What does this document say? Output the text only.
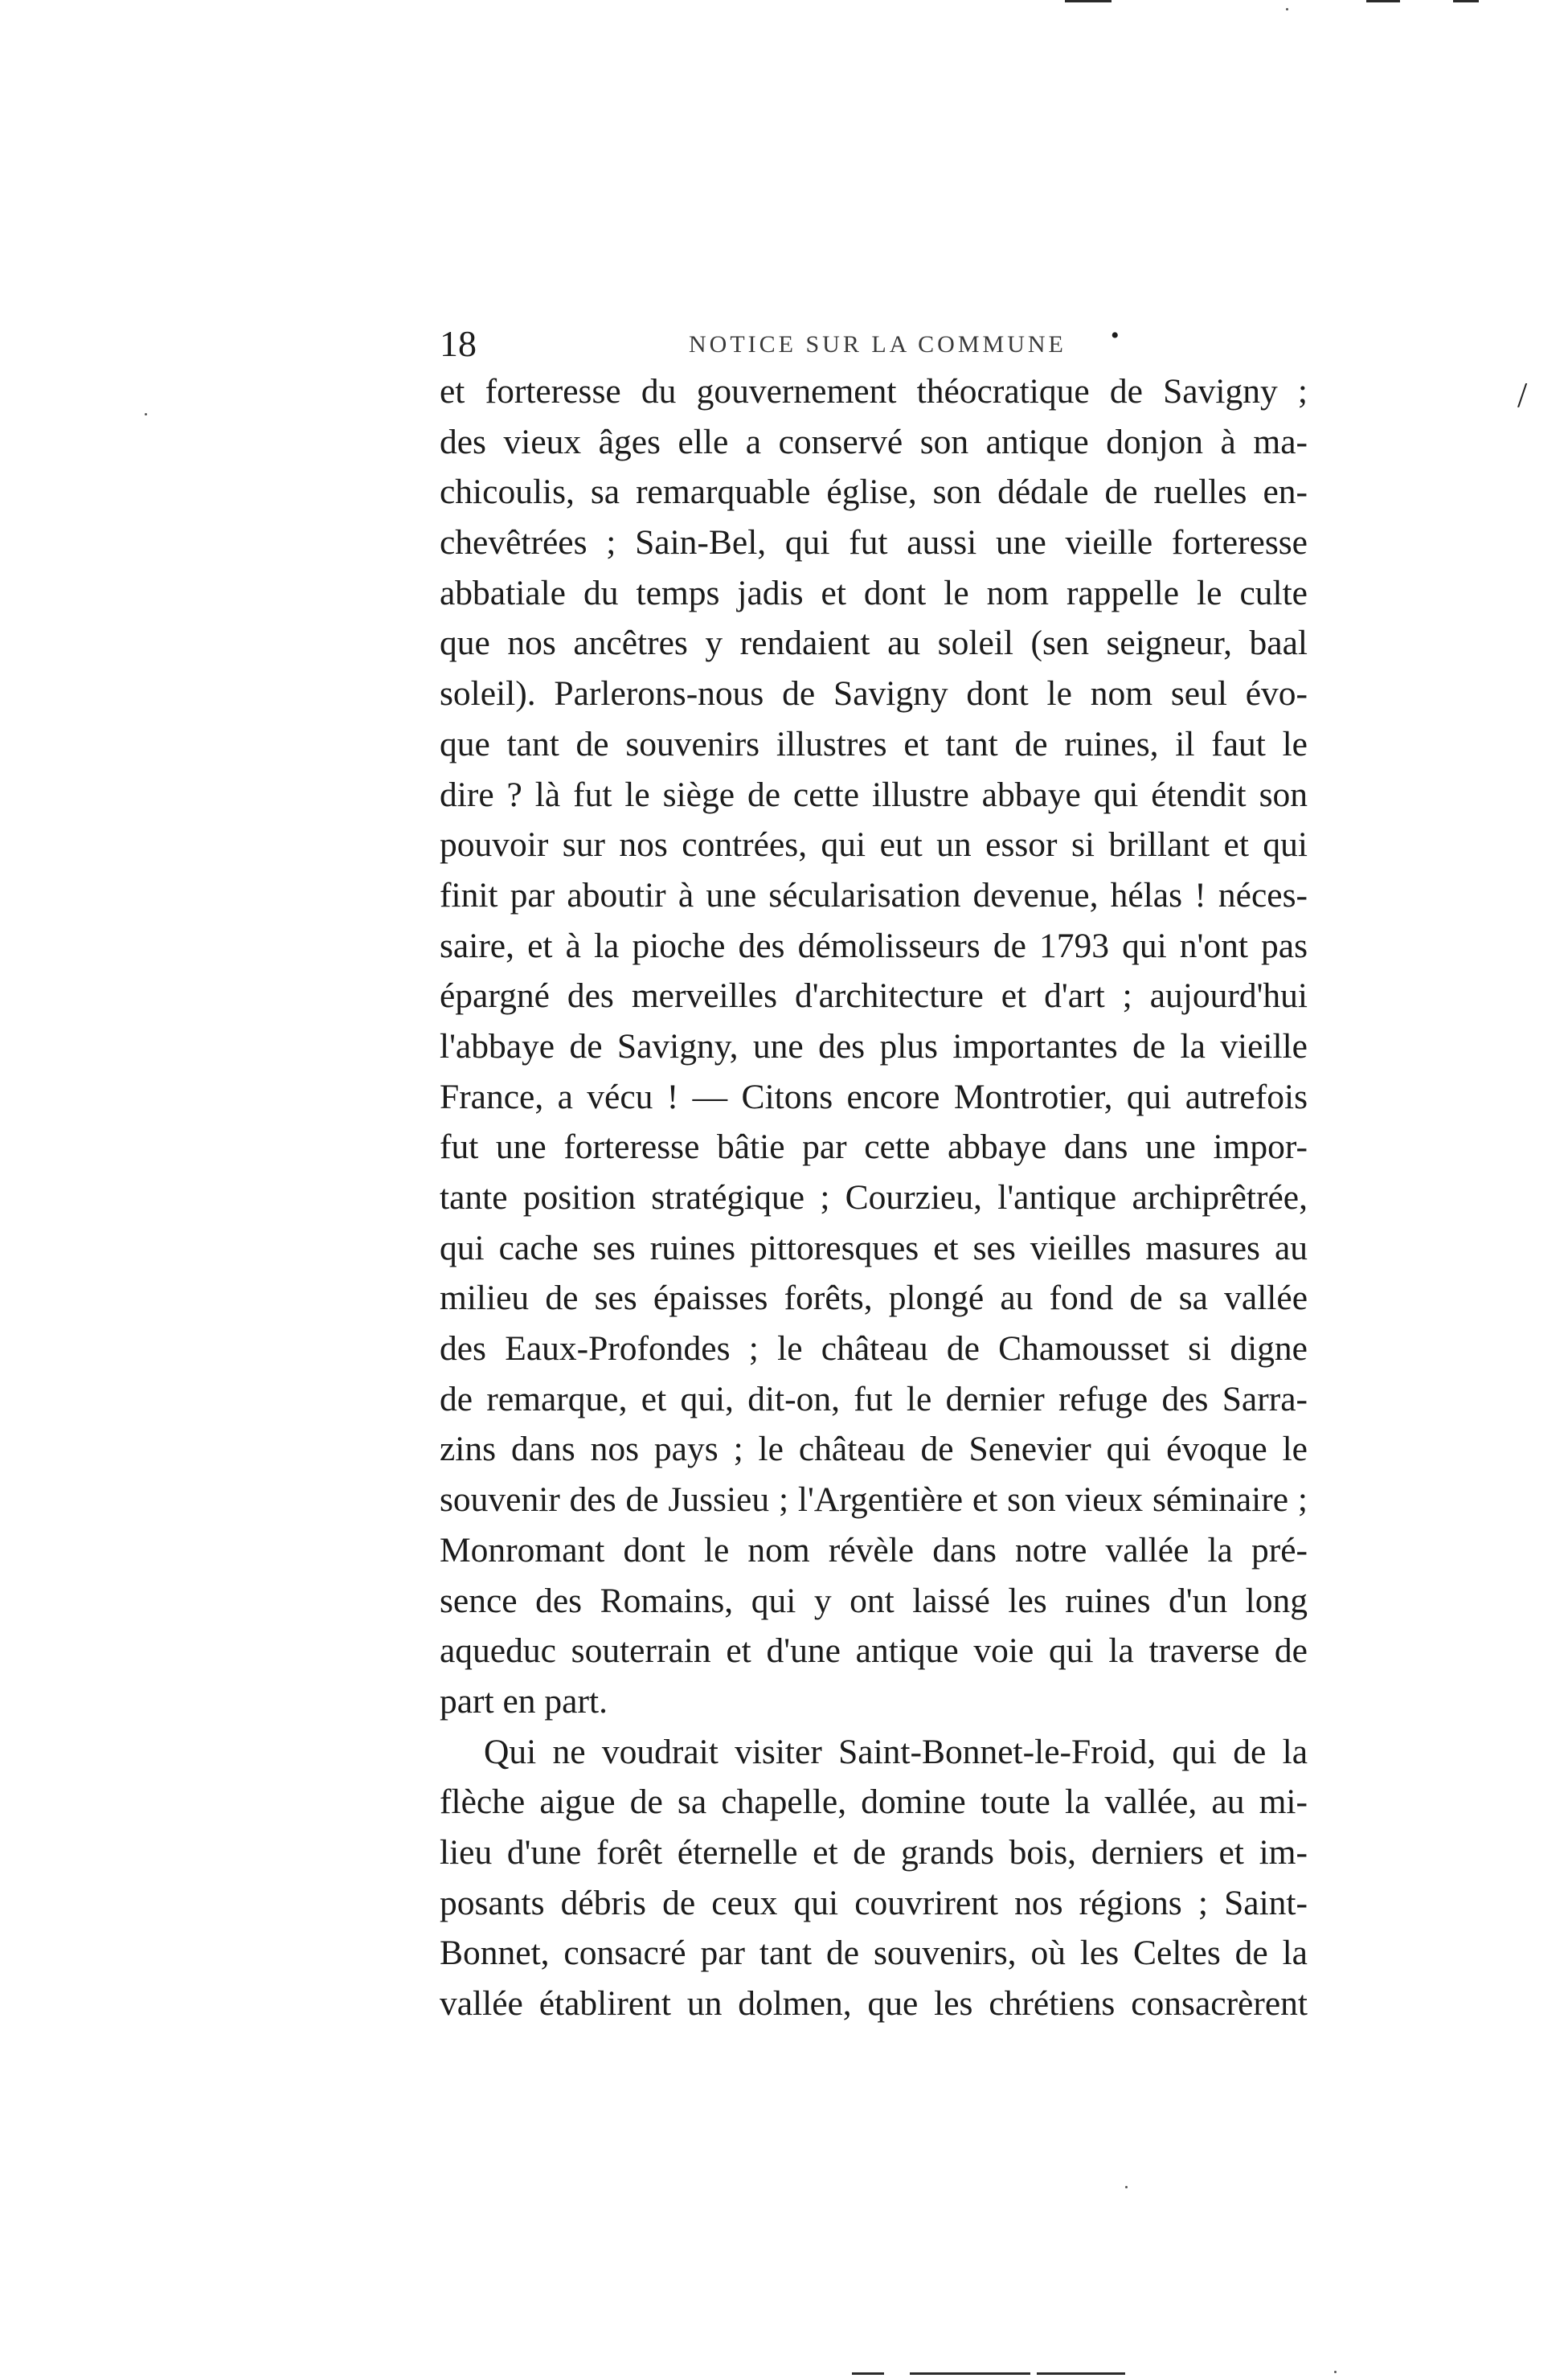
18	NOTICE SUR LA COMMUNE •
/
et forteresse du gouvernement théocratique de Savigny ;
des vieux âges elle a conservé son antique donjon à ma-
chicoulis, sa remarquable église, son dédale de ruelles en-
chevêtrées ; Sain-Bel, qui fut aussi une vieille forteresse
abbatiale du temps jadis et dont le nom rappelle le culte
que nos ancêtres y rendaient au soleil (sen seigneur, baal
soleil). Parlerons-nous de Savigny dont le nom seul évo-
que tant de souvenirs illustres et tant de ruines, il faut le
dire ? là fut le siège de cette illustre abbaye qui étendit son
pouvoir sur nos contrées, qui eut un essor si brillant et qui
finit par aboutir à une sécularisation devenue, hélas ! néces-
saire, et à la pioche des démolisseurs de 1793 qui n'ont pas
épargné des merveilles d'architecture et d'art ; aujourd'hui
l'abbaye de Savigny, une des plus importantes de la vieille
France, a vécu ! — Citons encore Montrotier, qui autrefois
fut une forteresse bâtie par cette abbaye dans une impor-
tante position stratégique ; Courzieu, l'antique archiprêtrée,
qui cache ses ruines pittoresques et ses vieilles masures au
milieu de ses épaisses forêts, plongé au fond de sa vallée
des Eaux-Profondes ; le château de Chamousset si digne
de remarque, et qui, dit-on, fut le dernier refuge des Sarra-
zins dans nos pays ; le château de Senevier qui évoque le
souvenir des de Jussieu ; l'Argentière et son vieux séminaire ;
Monromant dont le nom révèle dans notre vallée la pré-
sence des Romains, qui y ont laissé les ruines d'un long
aqueduc souterrain et d'une antique voie qui la traverse de
part en part.
Qui ne voudrait visiter Saint-Bonnet-le-Froid, qui de la
flèche aigue de sa chapelle, domine toute la vallée, au mi-
lieu d'une forêt éternelle et de grands bois, derniers et im-
posants débris de ceux qui couvrirent nos régions ; Saint-
Bonnet, consacré par tant de souvenirs, où les Celtes de la
vallée établirent un dolmen, que les chrétiens consacrèrent
